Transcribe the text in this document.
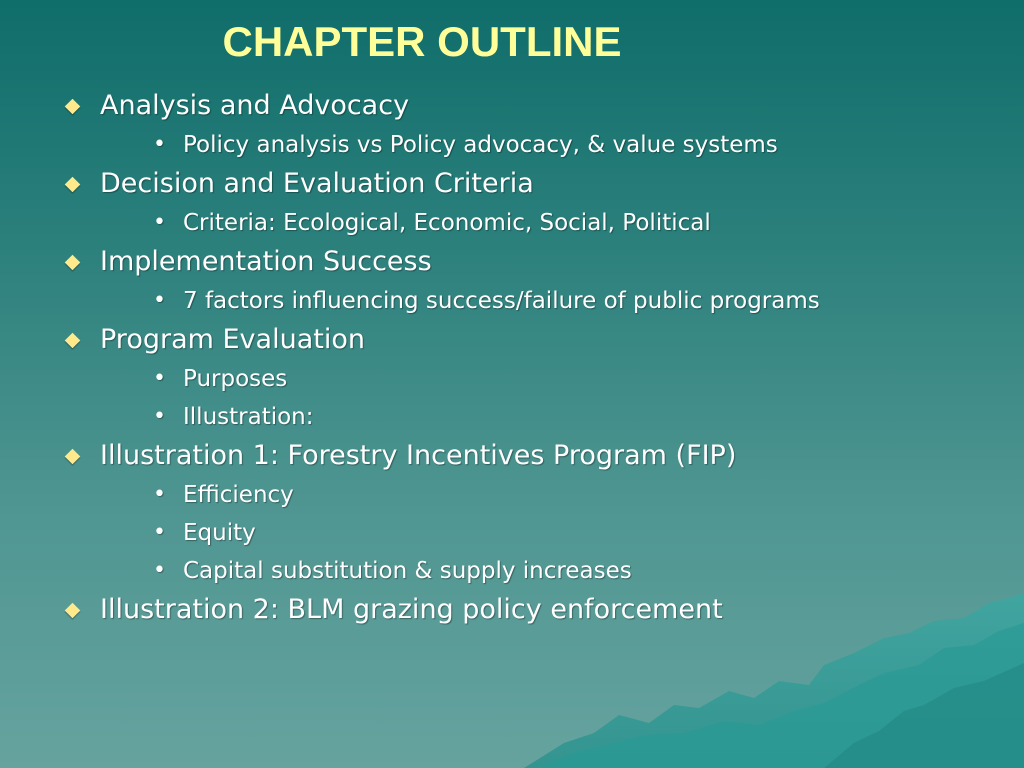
CHAPTER OUTLINE
Analysis and Advocacy
• Policy analysis vs Policy advocacy, & value systems
Decision and Evaluation Criteria
• Criteria: Ecological, Economic, Social, Political
Implementation Success
• 7 factors influencing success/failure of public programs
Program Evaluation
• Purposes
• Illustration:
Illustration 1: Forestry Incentives Program (FIP)
• Efficiency
• Equity
• Capital substitution & supply increases
Illustration 2: BLM grazing policy enforcement
